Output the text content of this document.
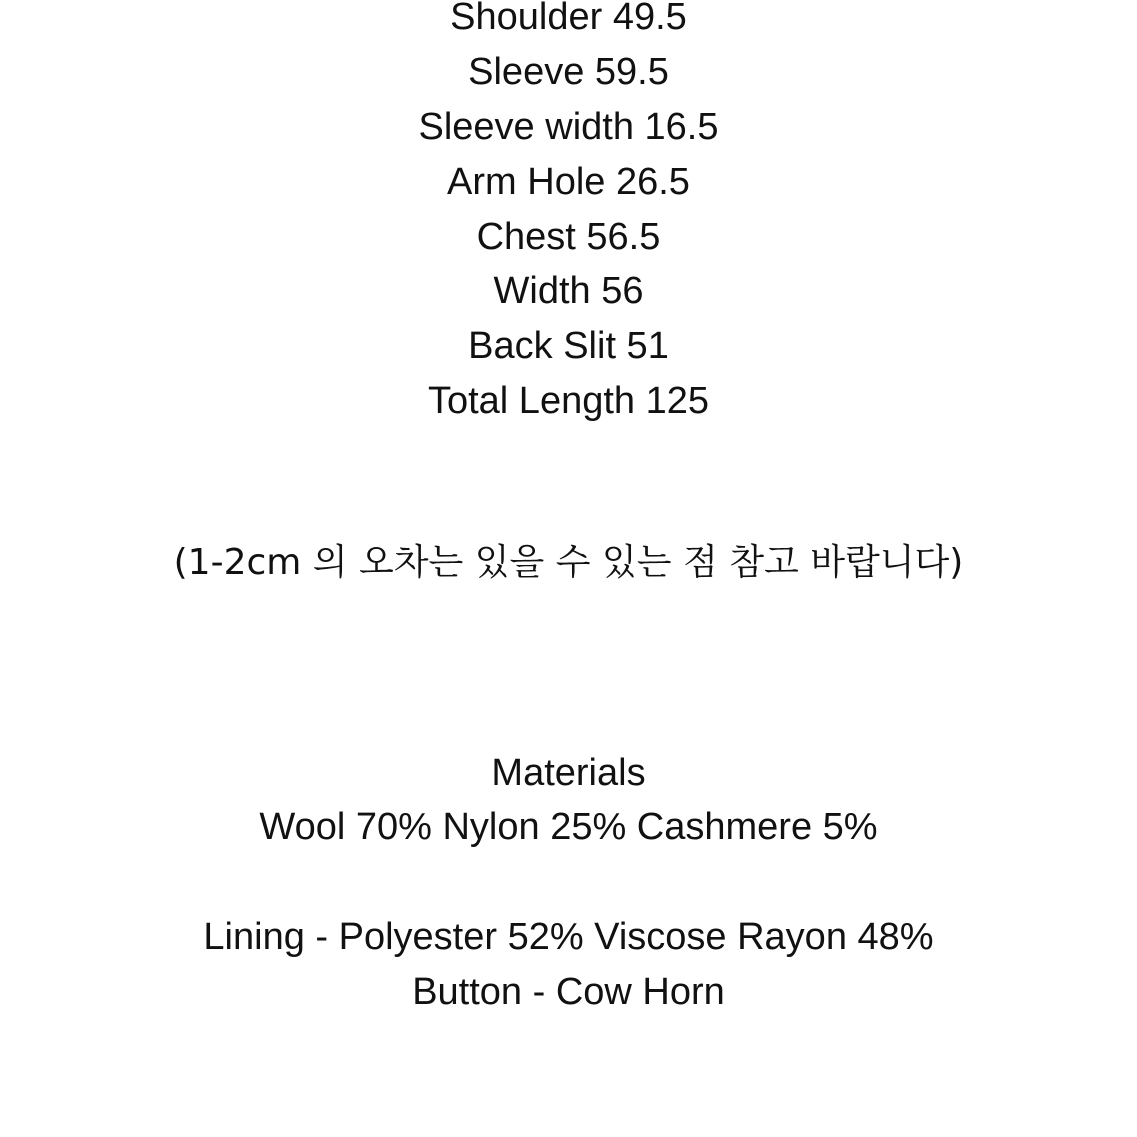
Shoulder 49.5
Sleeve 59.5
Sleeve width 16.5
Arm Hole 26.5
Chest 56.5
Width 56
Back Slit 51
Total Length 125
(1-2cm 의 오차는 있을 수 있는 점 참고 바랍니다)
Materials
Wool 70% Nylon 25% Cashmere 5%
Lining - Polyester 52% Viscose Rayon 48%
Button - Cow Horn
